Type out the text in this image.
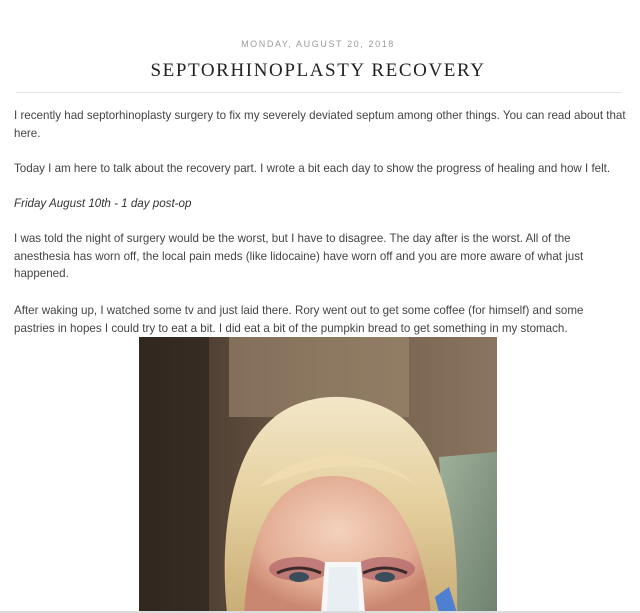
MONDAY, AUGUST 20, 2018
SEPTORHINOPLASTY RECOVERY

I recently had septorhinoplasty surgery to fix my severely deviated septum among other things. You can read about that here.

Today I am here to talk about the recovery part. I wrote a bit each day to show the progress of healing and how I felt.

Friday August 10th - 1 day post-op

I was told the night of surgery would be the worst, but I have to disagree. The day after is the worst. All of the anesthesia has worn off, the local pain meds (like lidocaine) have worn off and you are more aware of what just happened.

After waking up, I watched some tv and just laid there. Rory went out to get some coffee (for himself) and some pastries in hopes I could try to eat a bit. I did eat a bit of the pumpkin bread to get something in my stomach.
